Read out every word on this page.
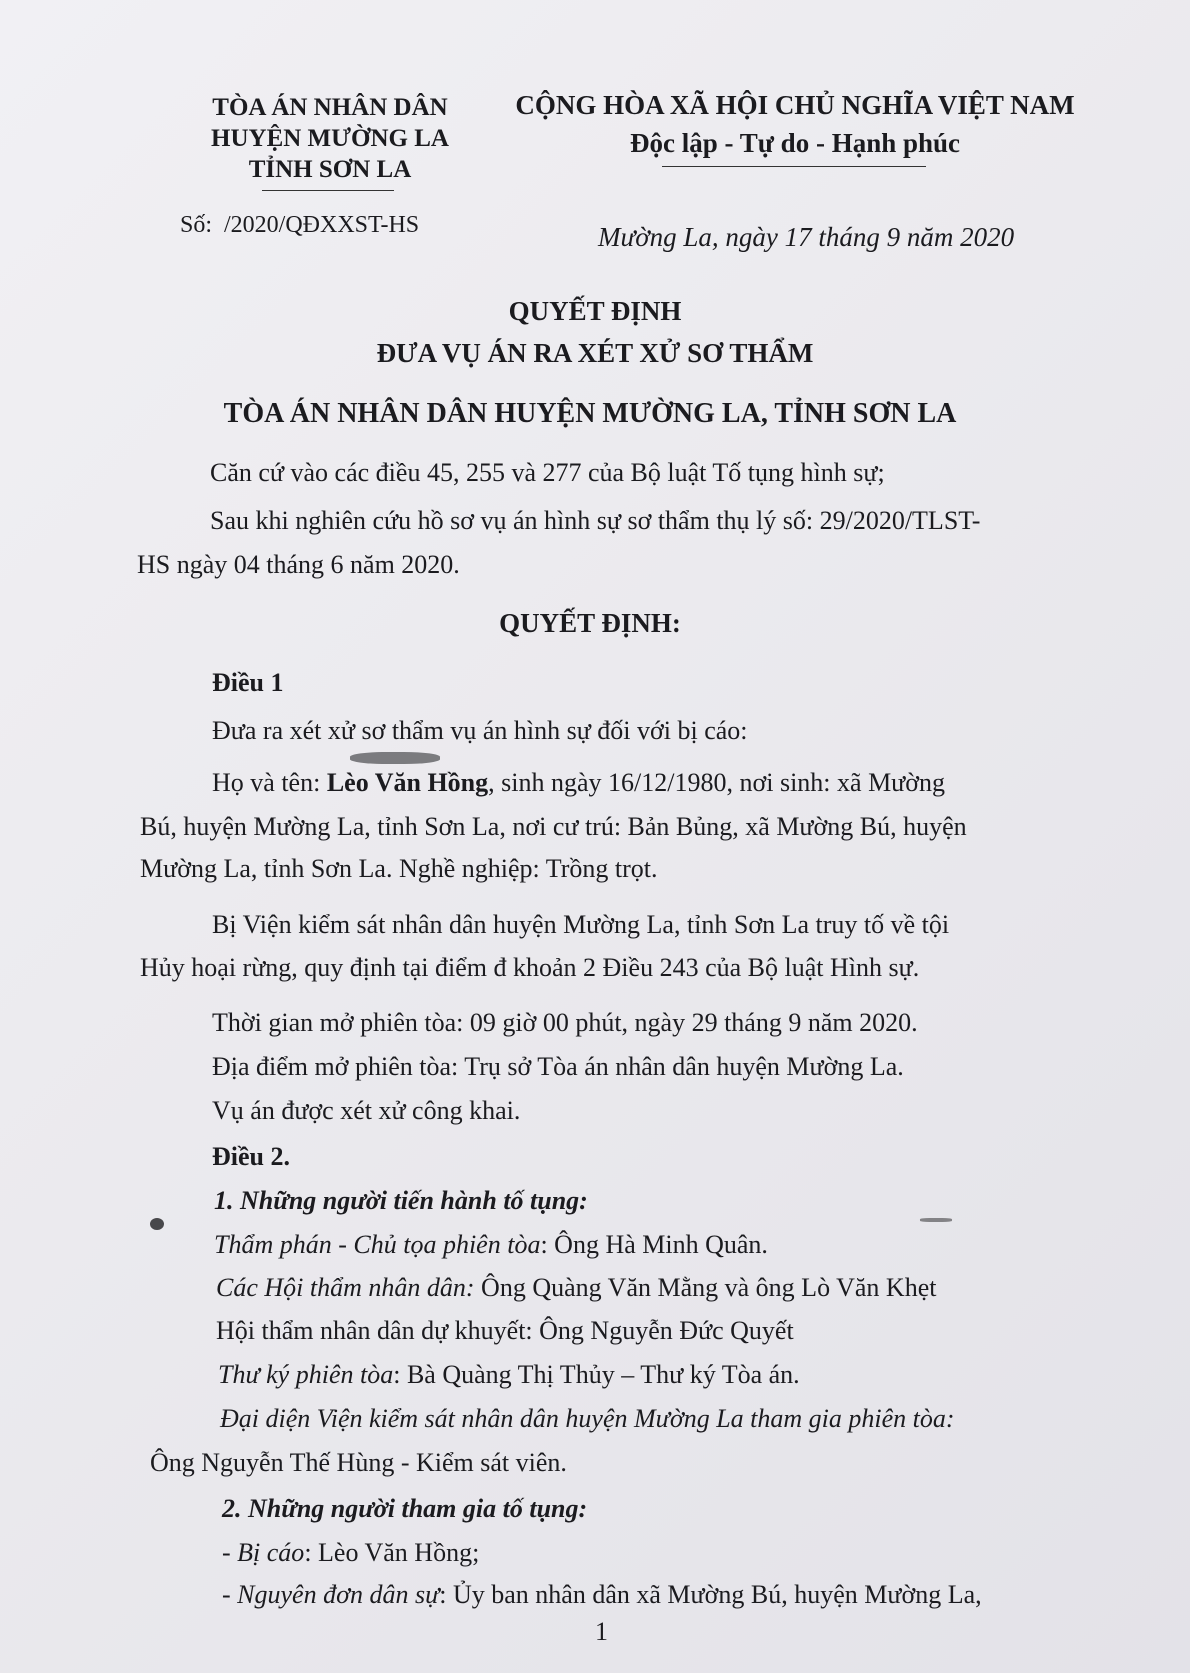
TÒA ÁN NHÂN DÂN
HUYỆN MƯỜNG LA
TỈNH SƠN LA
CỘNG HÒA XÃ HỘI CHỦ NGHĨA VIỆT NAM
Độc lập - Tự do - Hạnh phúc
Số: ⁠ /2020/QĐXXST-HS	Mường La, ngày 17 tháng 9 năm 2020
QUYẾT ĐỊNH
ĐƯA VỤ ÁN RA XÉT XỬ SƠ THẨM
TÒA ÁN NHÂN DÂN HUYỆN MƯỜNG LA, TỈNH SƠN LA
Căn cứ vào các điều 45, 255 và 277 của Bộ luật Tố tụng hình sự;
Sau khi nghiên cứu hồ sơ vụ án hình sự sơ thẩm thụ lý số: 29/2020/TLST-
HS ngày 04 tháng 6 năm 2020.
QUYẾT ĐỊNH:
Điều 1
Đưa ra xét xử sơ thẩm vụ án hình sự đối với bị cáo:
Họ và tên: Lèo Văn Hồng, sinh ngày 16/12/1980, nơi sinh: xã Mường
Bú, huyện Mường La, tỉnh Sơn La, nơi cư trú: Bản Bủng, xã Mường Bú, huyện
Mường La, tỉnh Sơn La. Nghề nghiệp: Trồng trọt.
Bị Viện kiểm sát nhân dân huyện Mường La, tỉnh Sơn La truy tố về tội
Hủy hoại rừng, quy định tại điểm đ khoản 2 Điều 243 của Bộ luật Hình sự.
Thời gian mở phiên tòa: 09 giờ 00 phút, ngày 29 tháng 9 năm 2020.
Địa điểm mở phiên tòa: Trụ sở Tòa án nhân dân huyện Mường La.
Vụ án được xét xử công khai.
Điều 2.
1. Những người tiến hành tố tụng:
Thẩm phán - Chủ tọa phiên tòa: Ông Hà Minh Quân.
Các Hội thẩm nhân dân: Ông Quàng Văn Mằng và ông Lò Văn Khẹt
Hội thẩm nhân dân dự khuyết: Ông Nguyễn Đức Quyết
Thư ký phiên tòa: Bà Quàng Thị Thủy – Thư ký Tòa án.
Đại diện Viện kiểm sát nhân dân huyện Mường La tham gia phiên tòa:
Ông Nguyễn Thế Hùng - Kiểm sát viên.
2. Những người tham gia tố tụng:
- Bị cáo: Lèo Văn Hồng;
- Nguyên đơn dân sự: Ủy ban nhân dân xã Mường Bú, huyện Mường La,
1
